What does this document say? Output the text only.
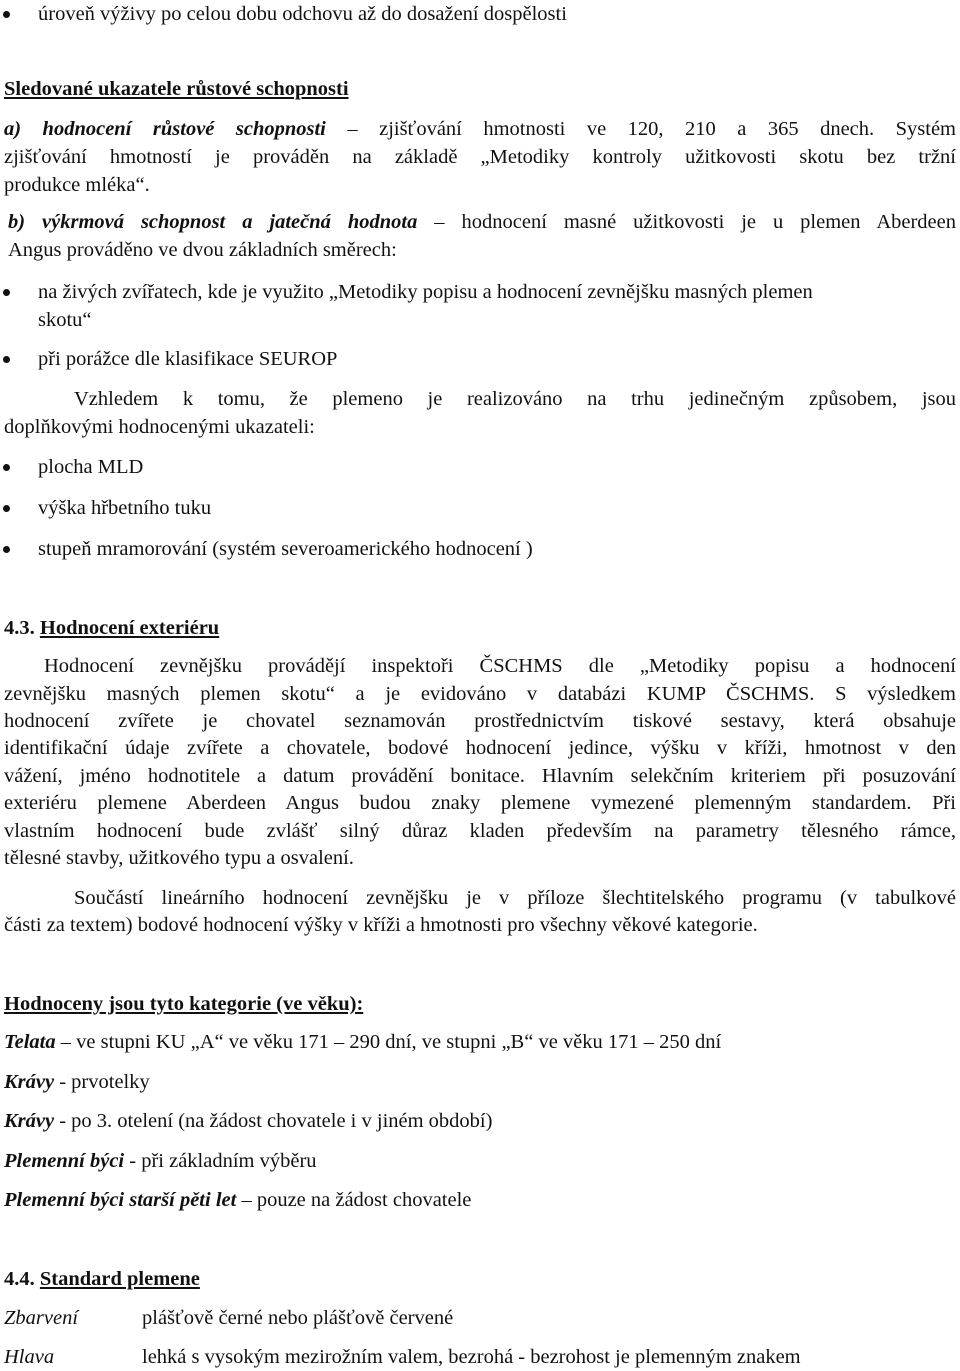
úroveň výživy po celou dobu odchovu až do dosažení dospělosti
Sledované ukazatele růstové schopnosti
a) hodnocení růstové schopnosti – zjišťování hmotnosti ve 120, 210 a 365 dnech. Systém
zjišťování hmotností je prováděn na základě „Metodiky kontroly užitkovosti skotu bez tržní
produkce mléka“.
b) výkrmová schopnost a jatečná hodnota – hodnocení masné užitkovosti je u plemen Aberdeen
Angus prováděno ve dvou základních směrech:
na živých zvířatech, kde je využito „Metodiky popisu a hodnocení zevnějšku masných plemen
skotu“
při porážce dle klasifikace SEUROP
Vzhledem k tomu, že plemeno je realizováno na trhu jedinečným způsobem, jsou
doplňkovými hodnocenými ukazateli:
plocha MLD
výška hřbetního tuku
stupeň mramorování (systém severoamerického hodnocení )
4.3. Hodnocení exteriéru
Hodnocení zevnějšku provádějí inspektoři ČSCHMS dle „Metodiky popisu a hodnocení
zevnějšku masných plemen skotu“ a je evidováno v databázi KUMP ČSCHMS. S výsledkem
hodnocení zvířete je chovatel seznamován prostřednictvím tiskové sestavy, která obsahuje
identifikační údaje zvířete a chovatele, bodové hodnocení jedince, výšku v kříži, hmotnost v den
vážení, jméno hodnotitele a datum provádění bonitace. Hlavním selekčním kriteriem při posuzování
exteriéru plemene Aberdeen Angus budou znaky plemene vymezené plemenným standardem. Při
vlastním hodnocení bude zvlášť silný důraz kladen především na parametry tělesného rámce,
tělesné stavby, užitkového typu a osvalení.
Součástí lineárního hodnocení zevnějšku je v příloze šlechtitelského programu (v tabulkové
části za textem) bodové hodnocení výšky v kříži a hmotnosti pro všechny věkové kategorie.
Hodnoceny jsou tyto kategorie (ve věku):
Telata – ve stupni KU „A“ ve věku 171 – 290 dní, ve stupni „B“ ve věku 171 – 250 dní
Krávy - prvotelky
Krávy - po 3. otelení (na žádost chovatele i v jiném období)
Plemenní býci - při základním výběru
Plemenní býci starší pěti let – pouze na žádost chovatele
4.4. Standard plemene
Zbarvení	plášťově černé nebo plášťově červené
Hlava	lehká s vysokým mezirožním valem, bezrohá - bezrohost je plemenným znakem
